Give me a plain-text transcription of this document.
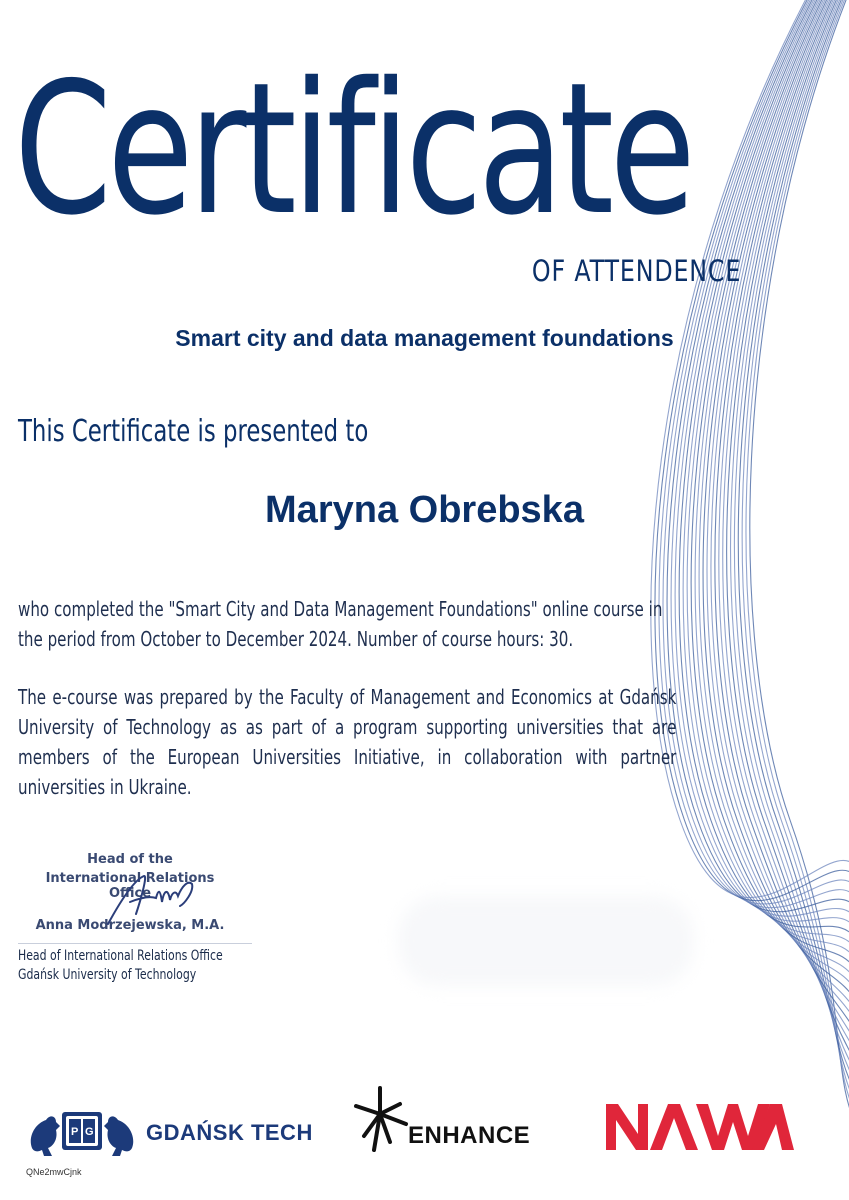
Certificate
OF ATTENDENCE
Smart city and data management foundations
This Certificate is presented to
Maryna Obrebska
who completed the "Smart City and Data Management Foundations" online course in the period from October to December 2024. Number of course hours: 30.
The e-course was prepared by the Faculty of Management and Economics at Gdańsk University of Technology as as part of a program supporting universities that are members of the European Universities Initiative, in collaboration with partner universities in Ukraine.
Head of the
International Relations Office
Anna Modrzejewska, M.A.
Head of International Relations Office
Gdańsk University of Technology
P G GDAŃSK TECH	ENHANCE
QNe2mwCjnk
